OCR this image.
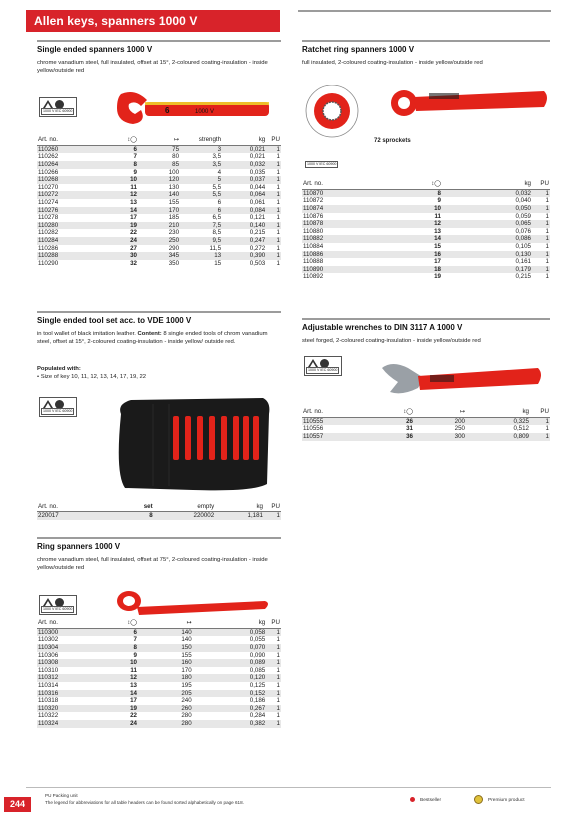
Allen keys, spanners 1000 V
Single ended spanners 1000 V
chrome vanadium steel, full insulated, offset at 15°, 2-coloured coating-insulation - inside yellow/outside red
1000 V IEC 60900	6	1000 V
Art. no.	↕◯	↦	strength	kg	PU
110260	6	75	3	0,021	1
110262	7	80	3,5	0,021	1
110264	8	85	3,5	0,032	1
110266	9	100	4	0,035	1
110268	10	120	5	0,037	1
110270	11	130	5,5	0,044	1
110272	12	140	5,5	0,064	1
110274	13	155	6	0,061	1
110276	14	170	6	0,084	1
110278	17	185	6,5	0,121	1
110280	19	210	7,5	0,140	1
110282	22	230	8,5	0,215	1
110284	24	250	9,5	0,247	1
110286	27	290	11,5	0,272	1
110288	30	345	13	0,390	1
110290	32	350	15	0,503	1
Single ended tool set acc. to VDE 1000 V
in tool wallet of black imitation leather. Content: 8 single ended tools of chrom vanadium steel, offset at 15°, 2-coloured coating-insulation - inside yellow/ outside red.
Populated with:
• Size of key 10, 11, 12, 13, 14, 17, 19, 22
1000 V IEC 60900
Art. no.	set	empty	kg	PU
220017	8	220002	1,181	1
Ring spanners 1000 V
chrome vanadium steel, full insulated, offset at 75°, 2-coloured coating-insulation - inside yellow/outside red
1000 V IEC 60900
Art. no.	↕◯	↦	kg	PU
110300	6	140	0,058	1
110302	7	140	0,055	1
110304	8	150	0,070	1
110306	9	155	0,090	1
110308	10	160	0,089	1
110310	11	170	0,085	1
110312	12	180	0,120	1
110314	13	195	0,125	1
110316	14	205	0,152	1
110318	17	240	0,186	1
110320	19	260	0,267	1
110322	22	280	0,284	1
110324	24	280	0,382	1
Ratchet ring spanners 1000 V
full insulated, 2-coloured coating-insulation - inside yellow/outside red
72 sprockets
1000 V IEC 60900
Art. no.	↕◯	kg	PU
110870	8	0,032	1
110872	9	0,040	1
110874	10	0,050	1
110876	11	0,059	1
110878	12	0,065	1
110880	13	0,076	1
110882	14	0,086	1
110884	15	0,105	1
110886	16	0,130	1
110888	17	0,161	1
110890	18	0,179	1
110892	19	0,215	1
Adjustable wrenches to DIN 3117 A 1000 V
steel forged, 2-coloured coating-insulation - inside yellow/outside red
1000 V IEC 60900
Art. no.	↕◯	↦	kg	PU
110555	26	200	0,325	1
110556	31	250	0,512	1
110557	36	300	0,809	1
244
PU Packing unit
The legend for abbreviations for all table headers can be found sorted alphabetically on page 618.	Bestseller	Premium product
